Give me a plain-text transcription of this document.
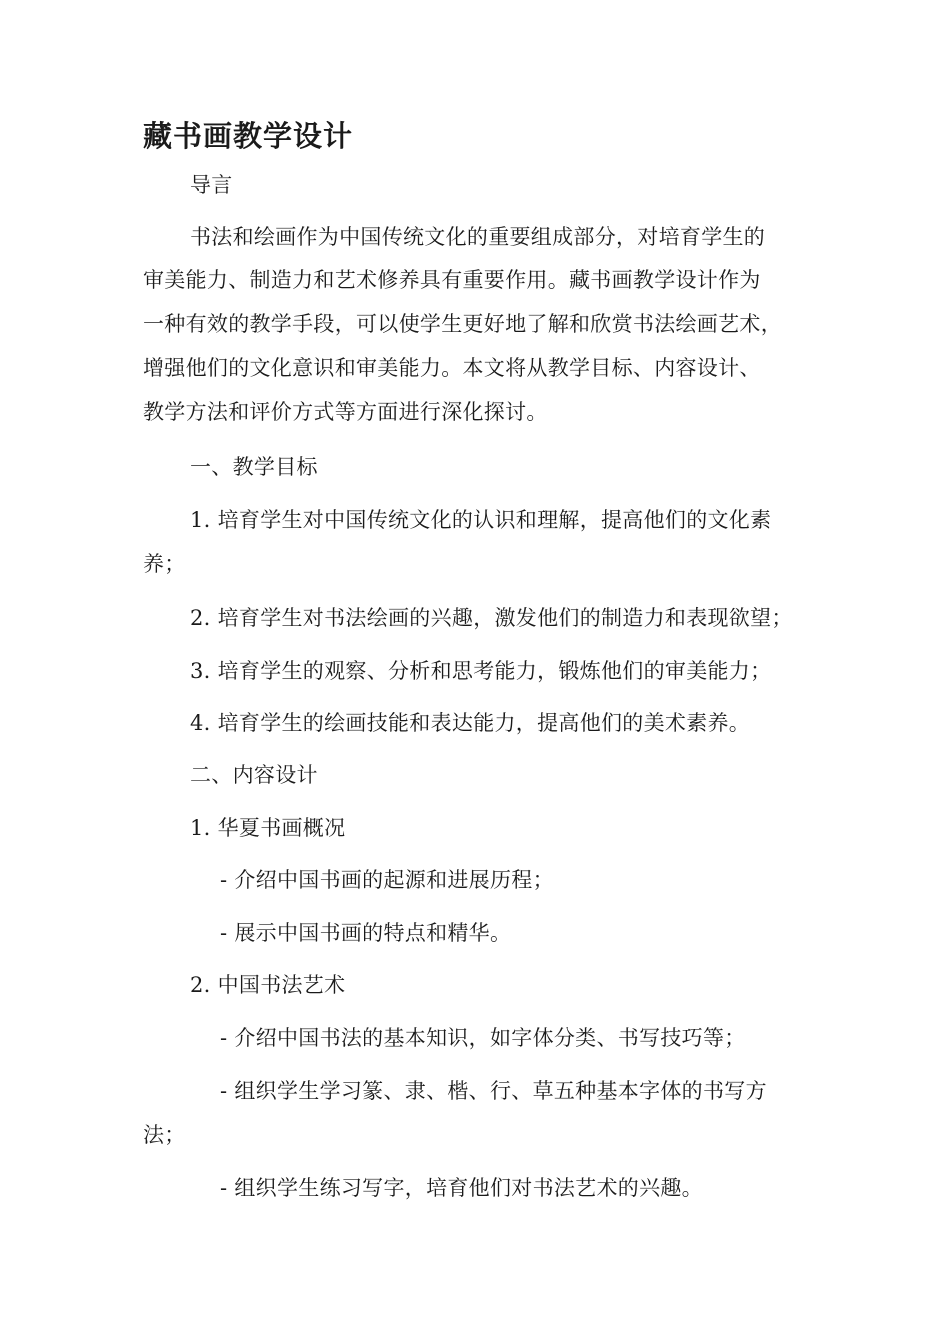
藏书画教学设计
导言
书法和绘画作为中国传统文化的重要组成部分，对培育学生的
审美能力、制造力和艺术修养具有重要作用。藏书画教学设计作为
一种有效的教学手段，可以使学生更好地了解和欣赏书法绘画艺术，
增强他们的文化意识和审美能力。本文将从教学目标、内容设计、
教学方法和评价方式等方面进行深化探讨。
一、教学目标
1. 培育学生对中国传统文化的认识和理解，提高他们的文化素
养；
2. 培育学生对书法绘画的兴趣，激发他们的制造力和表现欲望；
3. 培育学生的观察、分析和思考能力，锻炼他们的审美能力；
4. 培育学生的绘画技能和表达能力，提高他们的美术素养。
二、内容设计
1. 华夏书画概况
- 介绍中国书画的起源和进展历程；
- 展示中国书画的特点和精华。
2. 中国书法艺术
- 介绍中国书法的基本知识，如字体分类、书写技巧等；
- 组织学生学习篆、隶、楷、行、草五种基本字体的书写方
法；
- 组织学生练习写字，培育他们对书法艺术的兴趣。
